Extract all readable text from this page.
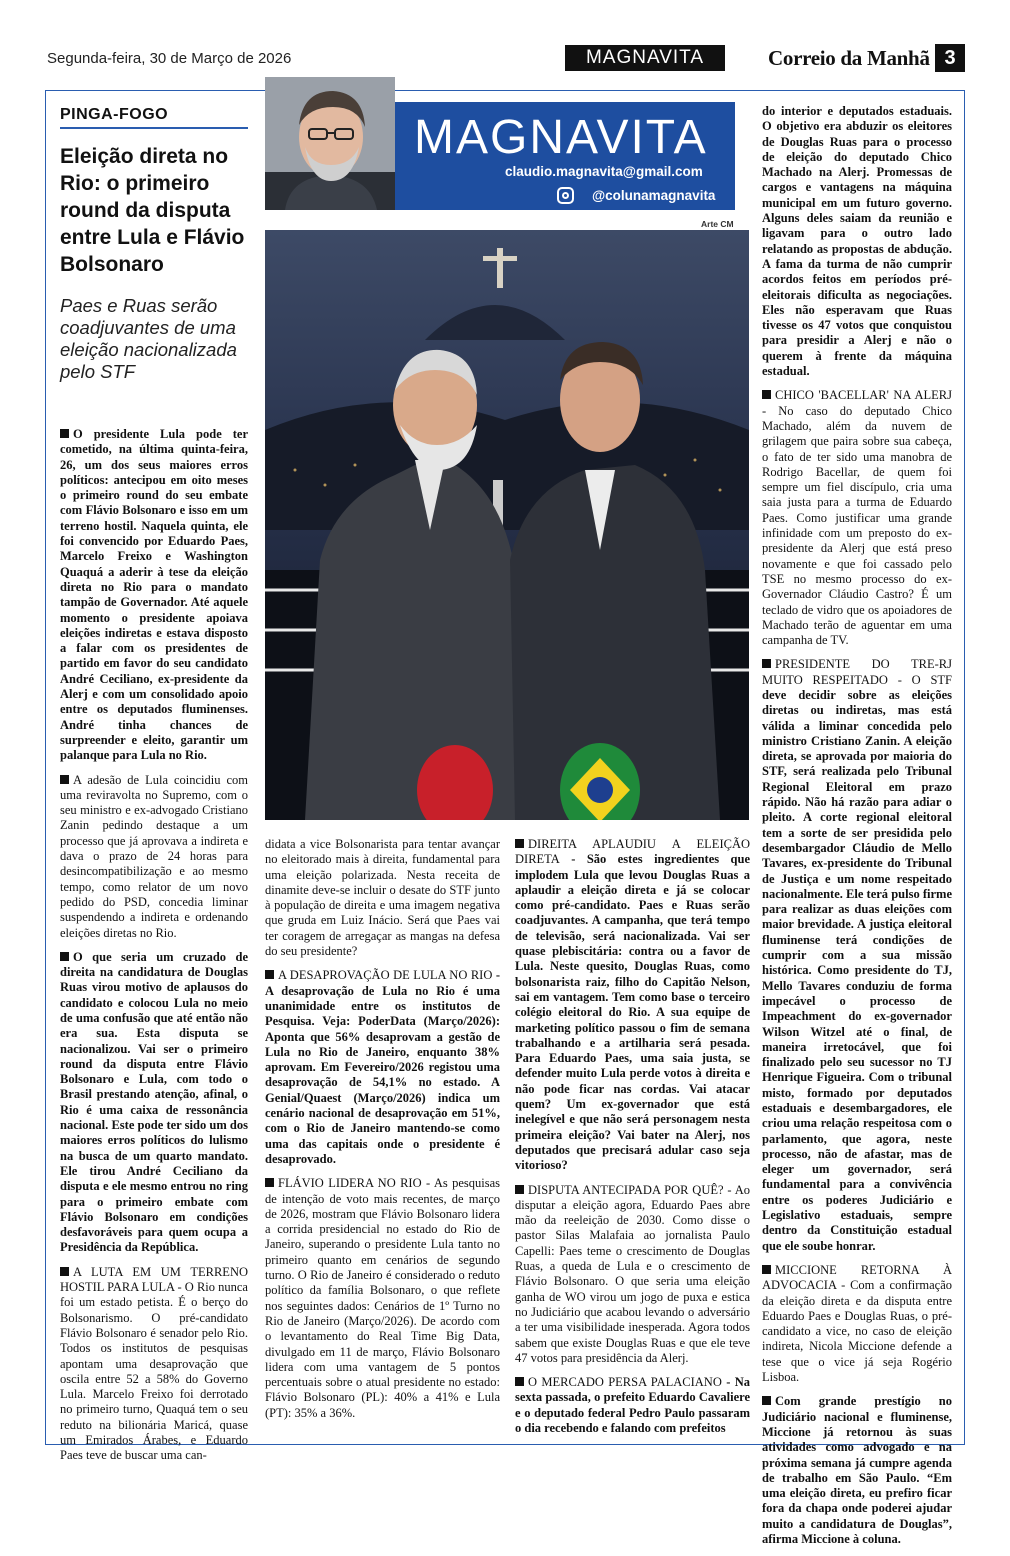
Segunda-feira, 30 de Março de 2026	MAGNAVITA	Correio da Manhã 3
PINGA-FOGO
Eleição direta no Rio: o primeiro round da disputa entre Lula e Flávio Bolsonaro
Paes e Ruas serão coadjuvantes de uma eleição nacionalizada pelo STF
MAGNAVITA
claudio.magnavita@gmail.com
@colunamagnavita
Arte CM

O presidente Lula pode ter cometido, na última quinta-feira, 26, um dos seus maiores erros políticos: antecipou em oito meses o primeiro round do seu embate com Flávio Bolsonaro e isso em um terreno hostil. Naquela quinta, ele foi convencido por Eduardo Paes, Marcelo Freixo e Washington Quaquá a aderir à tese da eleição direta no Rio para o mandato tampão de Governador. Até aquele momento o presidente apoiava eleições indiretas e estava disposto a falar com os presidentes de partido em favor do seu candidato André Ceciliano, ex-presidente da Alerj e com um consolidado apoio entre os deputados fluminenses. André tinha chances de surpreender e eleito, garantir um palanque para Lula no Rio.

A adesão de Lula coincidiu com uma reviravolta no Supremo, com o seu ministro e ex-advogado Cristiano Zanin pedindo destaque a um processo que já aprovava a indireta e dava o prazo de 24 horas para desincompatibilização e ao mesmo tempo, como relator de um novo pedido do PSD, concedia liminar suspendendo a indireta e ordenando eleições diretas no Rio.

O que seria um cruzado de direita na candidatura de Douglas Ruas virou motivo de aplausos do candidato e colocou Lula no meio de uma confusão que até então não era sua. Esta disputa se nacionalizou. Vai ser o primeiro round da disputa entre Flávio Bolsonaro e Lula, com todo o Brasil prestando atenção, afinal, o Rio é uma caixa de ressonância nacional. Este pode ter sido um dos maiores erros políticos do lulismo na busca de um quarto mandato. Ele tirou André Ceciliano da disputa e ele mesmo entrou no ring para o primeiro embate com Flávio Bolsonaro em condições desfavoráveis para quem ocupa a Presidência da República.

A LUTA EM UM TERRENO HOSTIL PARA LULA - O Rio nunca foi um estado petista. É o berço do Bolsonarismo. O pré-candidato Flávio Bolsonaro é senador pelo Rio. Todos os institutos de pesquisas apontam uma desaprovação que oscila entre 52 a 58% do Governo Lula. Marcelo Freixo foi derrotado no primeiro turno, Quaquá tem o seu reduto na bilionária Maricá, quase um Emirados Árabes, e Eduardo Paes teve de buscar uma can-

didata a vice Bolsonarista para tentar avançar no eleitorado mais à direita, fundamental para uma eleição polarizada. Nesta receita de dinamite deve-se incluir o desate do STF junto à população de direita e uma imagem negativa que gruda em Luiz Inácio. Será que Paes vai ter coragem de arregaçar as mangas na defesa do seu presidente?

A DESAPROVAÇÃO DE LULA NO RIO - A desaprovação de Lula no Rio é uma unanimidade entre os institutos de Pesquisa. Veja: PoderData (Março/2026): Aponta que 56% desaprovam a gestão de Lula no Rio de Janeiro, enquanto 38% aprovam. Em Fevereiro/2026 registou uma desaprovação de 54,1% no estado. A Genial/Quaest (Março/2026) indica um cenário nacional de desaprovação em 51%, com o Rio de Janeiro mantendo-se como uma das capitais onde o presidente é desaprovado.

FLÁVIO LIDERA NO RIO - As pesquisas de intenção de voto mais recentes, de março de 2026, mostram que Flávio Bolsonaro lidera a corrida presidencial no estado do Rio de Janeiro, superando o presidente Lula tanto no primeiro quanto em cenários de segundo turno. O Rio de Janeiro é considerado o reduto político da família Bolsonaro, o que reflete nos seguintes dados: Cenários de 1º Turno no Rio de Janeiro (Março/2026). De acordo com o levantamento do Real Time Big Data, divulgado em 11 de março, Flávio Bolsonaro lidera com uma vantagem de 5 pontos percentuais sobre o atual presidente no estado: Flávio Bolsonaro (PL): 40% a 41% e Lula (PT): 35% a 36%.

DIREITA APLAUDIU A ELEIÇÃO DIRETA - São estes ingredientes que implodem Lula que levou Douglas Ruas a aplaudir a eleição direta e já se colocar como pré-candidato. Paes e Ruas serão coadjuvantes. A campanha, que terá tempo de televisão, será nacionalizada. Vai ser quase plebiscitária: contra ou a favor de Lula. Neste quesito, Douglas Ruas, como bolsonarista raiz, filho do Capitão Nelson, sai em vantagem. Tem como base o terceiro colégio eleitoral do Rio. A sua equipe de marketing político passou o fim de semana trabalhando e a artilharia será pesada. Para Eduardo Paes, uma saia justa, se defender muito Lula perde votos à direita e não pode ficar nas cordas. Vai atacar quem? Um ex-governador que está inelegível e que não será personagem nesta primeira eleição? Vai bater na Alerj, nos deputados que precisará adular caso seja vitorioso?

DISPUTA ANTECIPADA POR QUÊ? - Ao disputar a eleição agora, Eduardo Paes abre mão da reeleição de 2030. Como disse o pastor Silas Malafaia ao jornalista Paulo Capelli: Paes teme o crescimento de Douglas Ruas, a queda de Lula e o crescimento de Flávio Bolsonaro. O que seria uma eleição ganha de WO virou um jogo de puxa e estica no Judiciário que acabou levando o adversário a ter uma visibilidade inesperada. Agora todos sabem que existe Douglas Ruas e que ele teve 47 votos para presidência da Alerj.

O MERCADO PERSA PALACIANO - Na sexta passada, o prefeito Eduardo Cavaliere e o deputado federal Pedro Paulo passaram o dia recebendo e falando com prefeitos

do interior e deputados estaduais. O objetivo era abduzir os eleitores de Douglas Ruas para o processo de eleição do deputado Chico Machado na Alerj. Promessas de cargos e vantagens na máquina municipal em um futuro governo. Alguns deles saiam da reunião e ligavam para o outro lado relatando as propostas de abdução. A fama da turma de não cumprir acordos feitos em períodos pré-eleitorais dificulta as negociações. Eles não esperavam que Ruas tivesse os 47 votos que conquistou para presidir a Alerj e não o querem à frente da máquina estadual.

CHICO 'BACELLAR' NA ALERJ - No caso do deputado Chico Machado, além da nuvem de grilagem que paira sobre sua cabeça, o fato de ter sido uma manobra de Rodrigo Bacellar, de quem foi sempre um fiel discípulo, cria uma saia justa para a turma de Eduardo Paes. Como justificar uma grande infinidade com um preposto do ex-presidente da Alerj que está preso novamente e que foi cassado pelo TSE no mesmo processo do ex-Governador Cláudio Castro? É um teclado de vidro que os apoiadores de Machado terão de aguentar em uma campanha de TV.

PRESIDENTE DO TRE-RJ MUITO RESPEITADO - O STF deve decidir sobre as eleições diretas ou indiretas, mas está válida a liminar concedida pelo ministro Cristiano Zanin. A eleição direta, se aprovada por maioria do STF, será realizada pelo Tribunal Regional Eleitoral em prazo rápido. Não há razão para adiar o pleito. A corte regional eleitoral tem a sorte de ser presidida pelo desembargador Cláudio de Mello Tavares, ex-presidente do Tribunal de Justiça e um nome respeitado nacionalmente. Ele terá pulso firme para realizar as duas eleições com maior brevidade. A justiça eleitoral fluminense terá condições de cumprir com a sua missão histórica. Como presidente do TJ, Mello Tavares conduziu de forma impecável o processo de Impeachment do ex-governador Wilson Witzel até o final, de maneira irretocável, que foi finalizado pelo seu sucessor no TJ Henrique Figueira. Com o tribunal misto, formado por deputados estaduais e desembargadores, ele criou uma relação respeitosa com o parlamento, que agora, neste processo, não de afastar, mas de eleger um governador, será fundamental para a convivência entre os poderes Judiciário e Legislativo estaduais, sempre dentro da Constituição estadual que ele soube honrar.

MICCIONE RETORNA À ADVOCACIA - Com a confirmação da eleição direta e da disputa entre Eduardo Paes e Douglas Ruas, o pré-candidato a vice, no caso de eleição indireta, Nicola Miccione defende a tese que o vice já seja Rogério Lisboa.

Com grande prestígio no Judiciário nacional e fluminense, Miccione já retornou às suas atividades como advogado e na próxima semana já cumpre agenda de trabalho em São Paulo. “Em uma eleição direta, eu prefiro ficar fora da chapa onde poderei ajudar muito a candidatura de Douglas”, afirma Miccione à coluna.
